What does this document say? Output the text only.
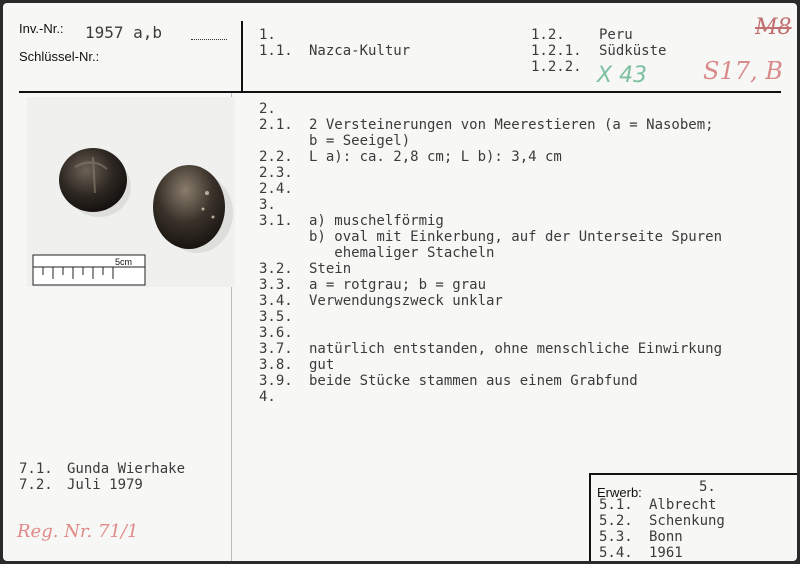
Inv.-Nr.: 1957 a,b
Schlüssel-Nr.:
1.
1.1. Nazca-Kultur
1.2. Peru
1.2.1. Südküste
1.2.2.
M8
X 43 S17, B
5cm
2.
2.1. 2 Versteinerungen von Meerestieren (a = Nasobem;
b = Seeigel)
2.2. L a): ca. 2,8 cm; L b): 3,4 cm
2.3.
2.4.
3.
3.1. a) muschelförmig
b) oval mit Einkerbung, auf der Unterseite Spuren
ehemaliger Stacheln
3.2. Stein
3.3. a = rotgrau; b = grau
3.4. Verwendungszweck unklar
3.5.
3.6.
3.7. natürlich entstanden, ohne menschliche Einwirkung
3.8. gut
3.9. beide Stücke stammen aus einem Grabfund
4.
7.1. Gunda Wierhake
7.2. Juli 1979
Reg. Nr. 71/1
Erwerb:	5.
5.1. Albrecht
5.2. Schenkung
5.3. Bonn
5.4. 1961
